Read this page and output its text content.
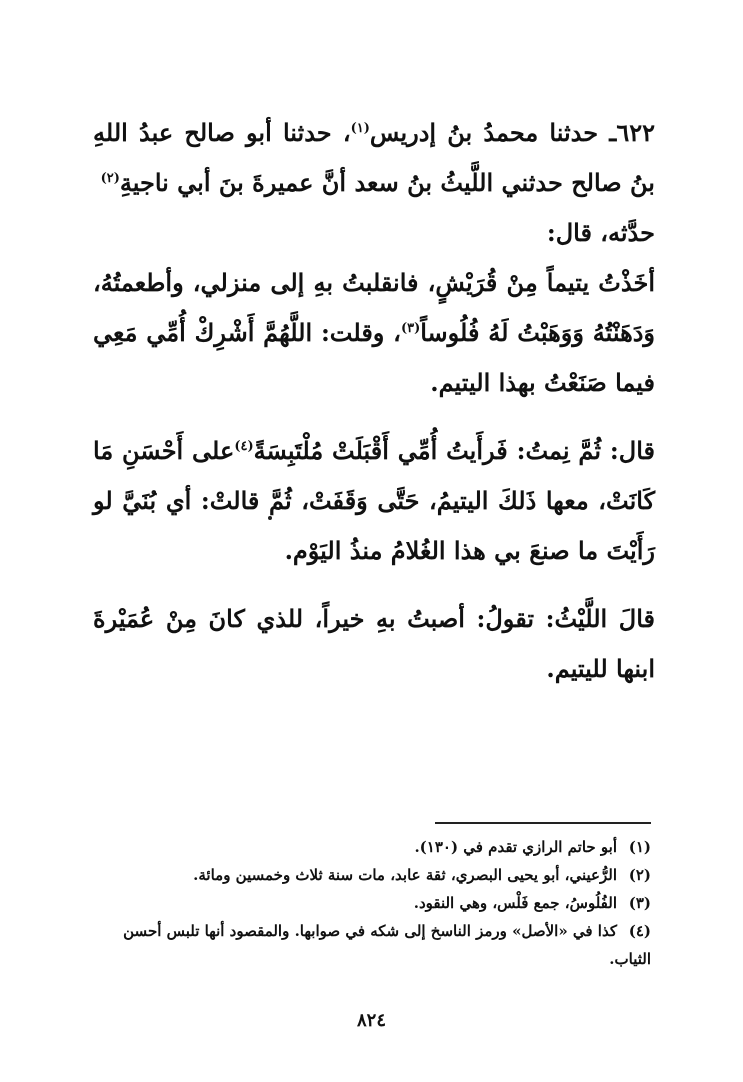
٦٢٢ـ حدثنا محمدُ بنُ إدريس$^{(١)}$، حدثنا أبو صالح عبدُ اللهِ بنُ صالح حدثني اللَّيثُ بنُ سعد أنَّ عميرةَ بنَ أبي ناجيةِ$^{(٢)}$
حدَّثه، قال:

أخَذْتُ يتيماً مِنْ قُرَيْشٍ، فانقلبتُ بهِ إلى منزلي، وأطعمتُهُ، وَدَهَنْتُهُ وَوَهَبْتُ لَهُ فُلُوساً$^{(٣)}$، وقلت: اللَّهُمَّ أَشْرِكْ أُمِّي مَعِي فيما صَنَعْتُ بهذا اليتيم.

قال: ثُمَّ نِمتُ: فَرأَيتُ أُمِّي أَقْبَلَتْ مُلْتَبِسَةً$^{(٤)}$على أَحْسَنِ مَا كَانَتْ، معها ذَلكَ اليتيمُ، حَتَّى وَقَفَتْ، ثُمَّ قالتْ: أي بُنَيَّ لو رَأَيْتَ ما صنعَ بي هذا الغُلامُ منذُ اليَوْم.

قالَ اللَّيْثُ: تقولُ: أصبتُ بهِ خيراً، للذي كانَ مِنْ عُمَيْرةَ ابنها لليتيم.

(١)أبو حاتم الرازي تقدم في (١٣٠).

(٢)الرُّعيني، أبو يحيى البصري، ثقة عابد، مات سنة ثلاث وخمسين ومائة.

(٣)الفُلُوسُ، جمع فَلْس، وهي النقود.

(٤)كذا في «الأصل» ورمز الناسخ إلى شكه في صوابها. والمقصود أنها تلبس أحسن الثياب.

٨٢٤
